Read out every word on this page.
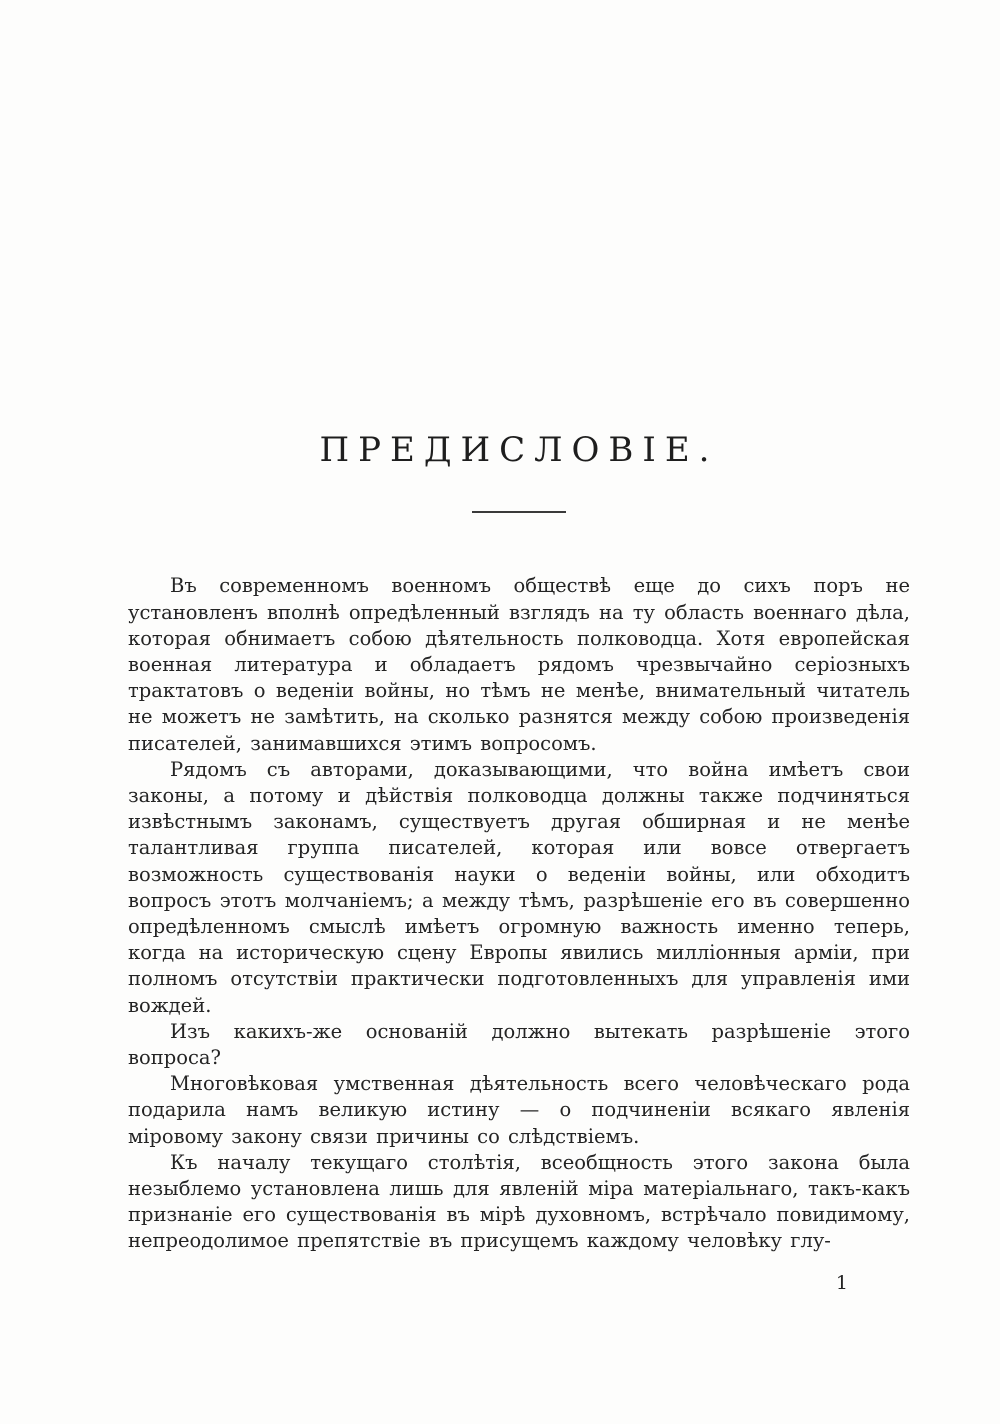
ПРЕДИСЛОВІЕ.

Въ современномъ военномъ обществѣ еще до сихъ поръ не установленъ вполнѣ опредѣленный взглядъ на ту область военнаго дѣла, которая обнимаетъ собою дѣятельность полководца. Хотя европейская военная литература и обладаетъ рядомъ чрезвычайно серіозныхъ трактатовъ о веденіи войны, но тѣмъ не менѣе, внимательный читатель не можетъ не замѣтить, на сколько разнятся между собою произведенія писателей, занимавшихся этимъ вопросомъ.

Рядомъ съ авторами, доказывающими, что война имѣетъ свои законы, а потому и дѣйствія полководца должны также подчиняться извѣстнымъ законамъ, существуетъ другая обширная и не менѣе талантливая группа писателей, которая или вовсе отвергаетъ возможность существованія науки о веденіи войны, или обходитъ вопросъ этотъ молчаніемъ; а между тѣмъ, разрѣшеніе его въ совершенно опредѣленномъ смыслѣ имѣетъ огромную важность именно теперь, когда на историческую сцену Европы явились милліонныя арміи, при полномъ отсутствіи практически подготовленныхъ для управленія ими вождей.

Изъ какихъ-же основаній должно вытекать разрѣшеніе этого вопроса?

Многовѣковая умственная дѣятельность всего человѣческаго рода подарила намъ великую истину — о подчиненіи всякаго явленія міровому закону связи причины со слѣдствіемъ.

Къ началу текущаго столѣтія, всеобщность этого закона была незыблемо установлена лишь для явленій міра матеріальнаго, такъ-какъ признаніе его существованія въ мірѣ духовномъ, встрѣчало повидимому, непреодолимое препятствіе въ присущемъ каждому человѣку глу-

1
